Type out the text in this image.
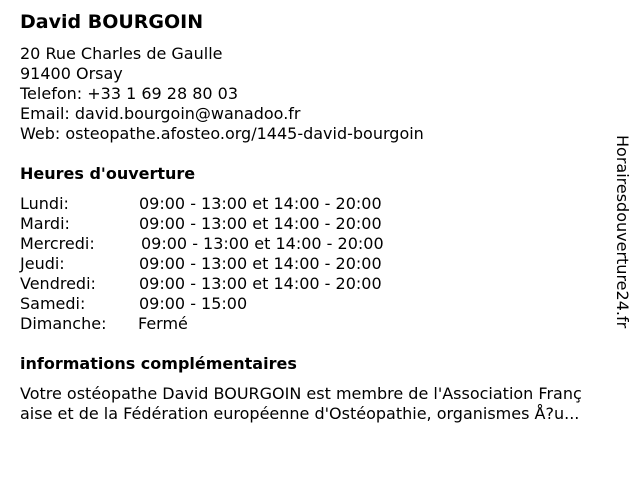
David BOURGOIN
20 Rue Charles de Gaulle
91400 Orsay
Telefon: +33 1 69 28 80 03
Email: david.bourgoin@wanadoo.fr
Web: osteopathe.afosteo.org/1445-david-bourgoin
Heures d'ouverture
Lundi:	09:00 - 13:00 et 14:00 - 20:00
Mardi:	09:00 - 13:00 et 14:00 - 20:00
Mercredi:	09:00 - 13:00 et 14:00 - 20:00
Jeudi:	09:00 - 13:00 et 14:00 - 20:00
Vendredi:	09:00 - 13:00 et 14:00 - 20:00
Samedi:	09:00 - 15:00
Dimanche: Fermé
informations complémentaires
Votre ostéopathe David BOURGOIN est membre de l'Association Franç
aise et de la Fédération européenne d'Ostéopathie, organismes Å?u...
Horairesdouverture24.fr
